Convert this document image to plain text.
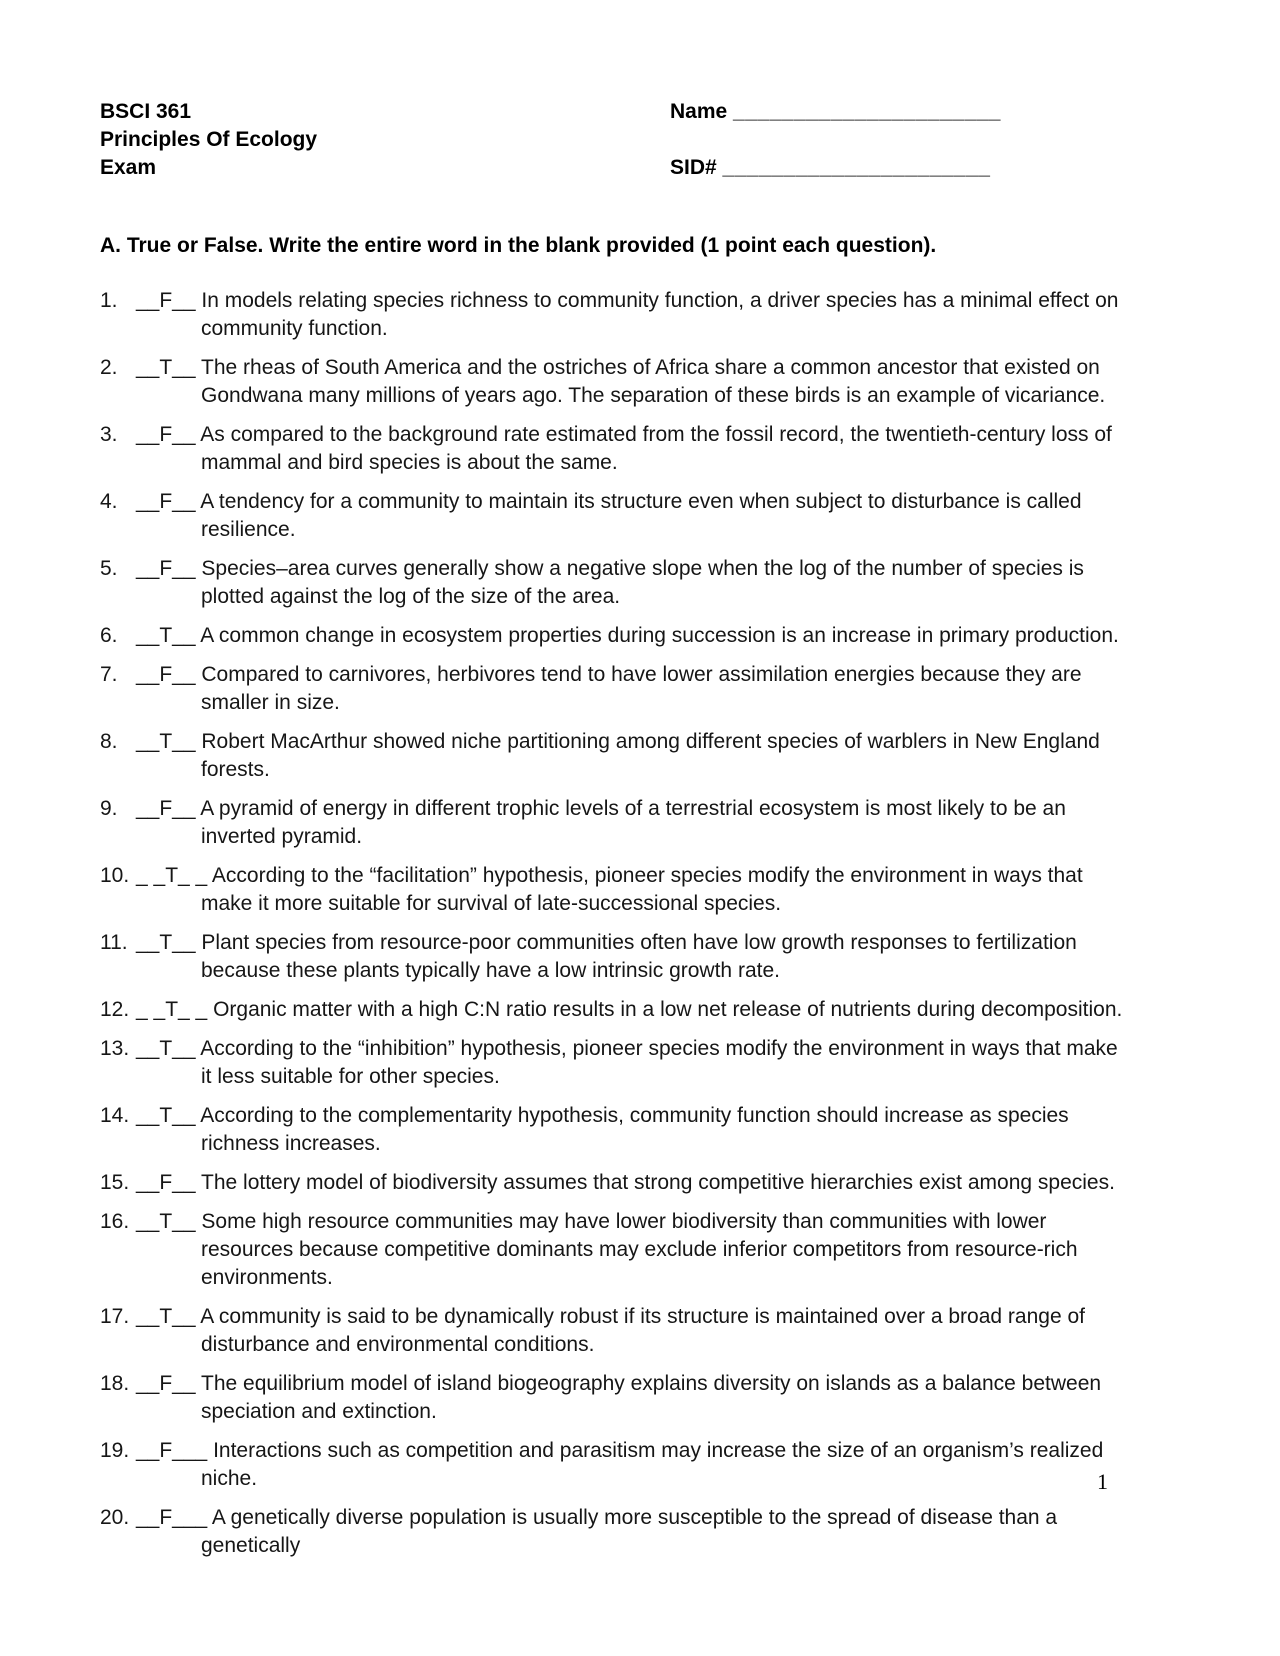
BSCI 361
Principles Of Ecology
Exam
Name ______________________
SID# ______________________
A. True or False. Write the entire word in the blank provided (1 point each question).
1. __F__ In models relating species richness to community function, a driver species has a minimal effect on community function.
2. __T__ The rheas of South America and the ostriches of Africa share a common ancestor that existed on Gondwana many millions of years ago. The separation of these birds is an example of vicariance.
3. __F__ As compared to the background rate estimated from the fossil record, the twentieth-century loss of mammal and bird species is about the same.
4. __F__ A tendency for a community to maintain its structure even when subject to disturbance is called resilience.
5. __F__ Species–area curves generally show a negative slope when the log of the number of species is plotted against the log of the size of the area.
6. __T__ A common change in ecosystem properties during succession is an increase in primary production.
7. __F__ Compared to carnivores, herbivores tend to have lower assimilation energies because they are smaller in size.
8. __T__ Robert MacArthur showed niche partitioning among different species of warblers in New England forests.
9. __F__ A pyramid of energy in different trophic levels of a terrestrial ecosystem is most likely to be an inverted pyramid.
10. _ _T_ _ According to the “facilitation” hypothesis, pioneer species modify the environment in ways that make it more suitable for survival of late-successional species.
11. __T__ Plant species from resource-poor communities often have low growth responses to fertilization because these plants typically have a low intrinsic growth rate.
12. _ _T_ _ Organic matter with a high C:N ratio results in a low net release of nutrients during decomposition.
13. __T__ According to the “inhibition” hypothesis, pioneer species modify the environment in ways that make it less suitable for other species.
14. __T__ According to the complementarity hypothesis, community function should increase as species richness increases.
15. __F__ The lottery model of biodiversity assumes that strong competitive hierarchies exist among species.
16. __T__ Some high resource communities may have lower biodiversity than communities with lower resources because competitive dominants may exclude inferior competitors from resource-rich environments.
17. __T__ A community is said to be dynamically robust if its structure is maintained over a broad range of disturbance and environmental conditions.
18. __F__ The equilibrium model of island biogeography explains diversity on islands as a balance between speciation and extinction.
19. __F___ Interactions such as competition and parasitism may increase the size of an organism’s realized niche.
20. __F___ A genetically diverse population is usually more susceptible to the spread of disease than a genetically
1
